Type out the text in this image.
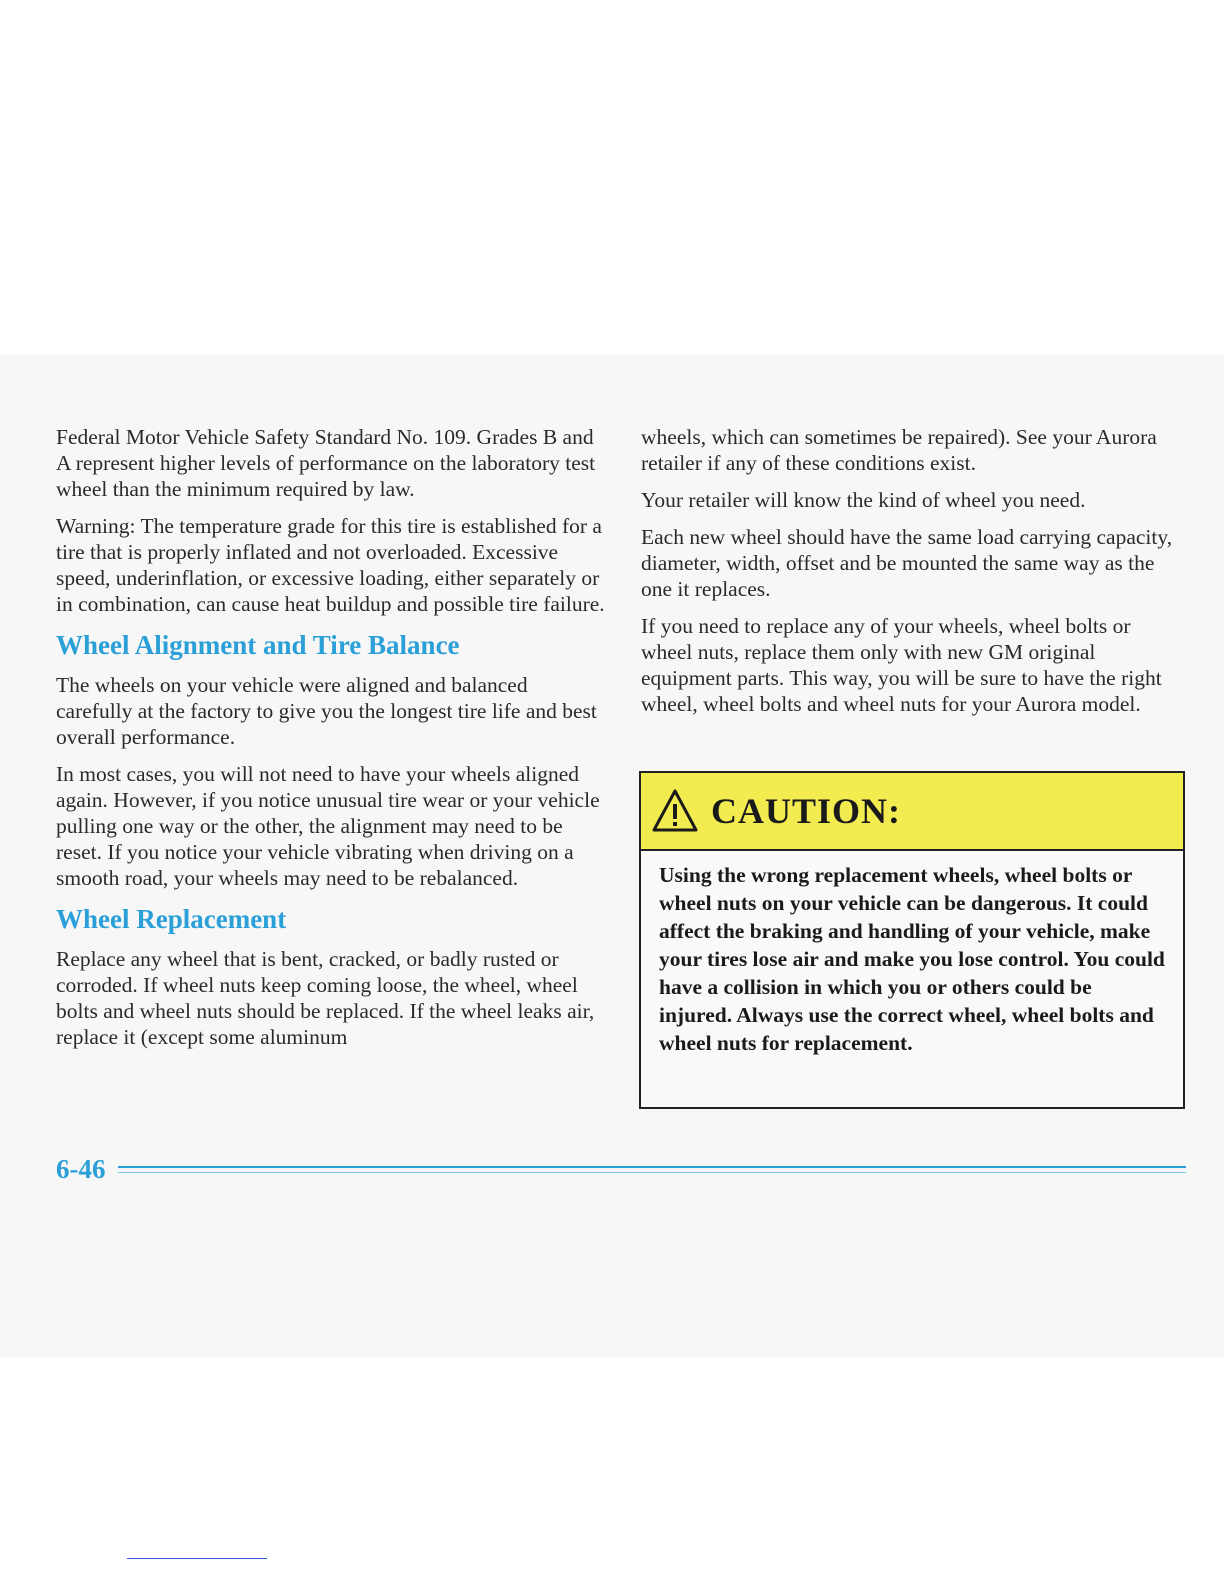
Federal Motor Vehicle Safety Standard No. 109. Grades B and A represent higher levels of performance on the laboratory test wheel than the minimum required by law.

Warning: The temperature grade for this tire is established for a tire that is properly inflated and not overloaded. Excessive speed, underinflation, or excessive loading, either separately or in combination, can cause heat buildup and possible tire failure.

Wheel Alignment and Tire Balance

The wheels on your vehicle were aligned and balanced carefully at the factory to give you the longest tire life and best overall performance.

In most cases, you will not need to have your wheels aligned again. However, if you notice unusual tire wear or your vehicle pulling one way or the other, the alignment may need to be reset. If you notice your vehicle vibrating when driving on a smooth road, your wheels may need to be rebalanced.

Wheel Replacement

Replace any wheel that is bent, cracked, or badly rusted or corroded. If wheel nuts keep coming loose, the wheel, wheel bolts and wheel nuts should be replaced. If the wheel leaks air, replace it (except some aluminum

wheels, which can sometimes be repaired). See your Aurora retailer if any of these conditions exist.

Your retailer will know the kind of wheel you need.

Each new wheel should have the same load carrying capacity, diameter, width, offset and be mounted the same way as the one it replaces.

If you need to replace any of your wheels, wheel bolts or wheel nuts, replace them only with new GM original equipment parts. This way, you will be sure to have the right wheel, wheel bolts and wheel nuts for your Aurora model.

CAUTION:
Using the wrong replacement wheels, wheel bolts or wheel nuts on your vehicle can be dangerous. It could affect the braking and handling of your vehicle, make your tires lose air and make you lose control. You could have a collision in which you or others could be injured. Always use the correct wheel, wheel bolts and wheel nuts for replacement.
6-46
